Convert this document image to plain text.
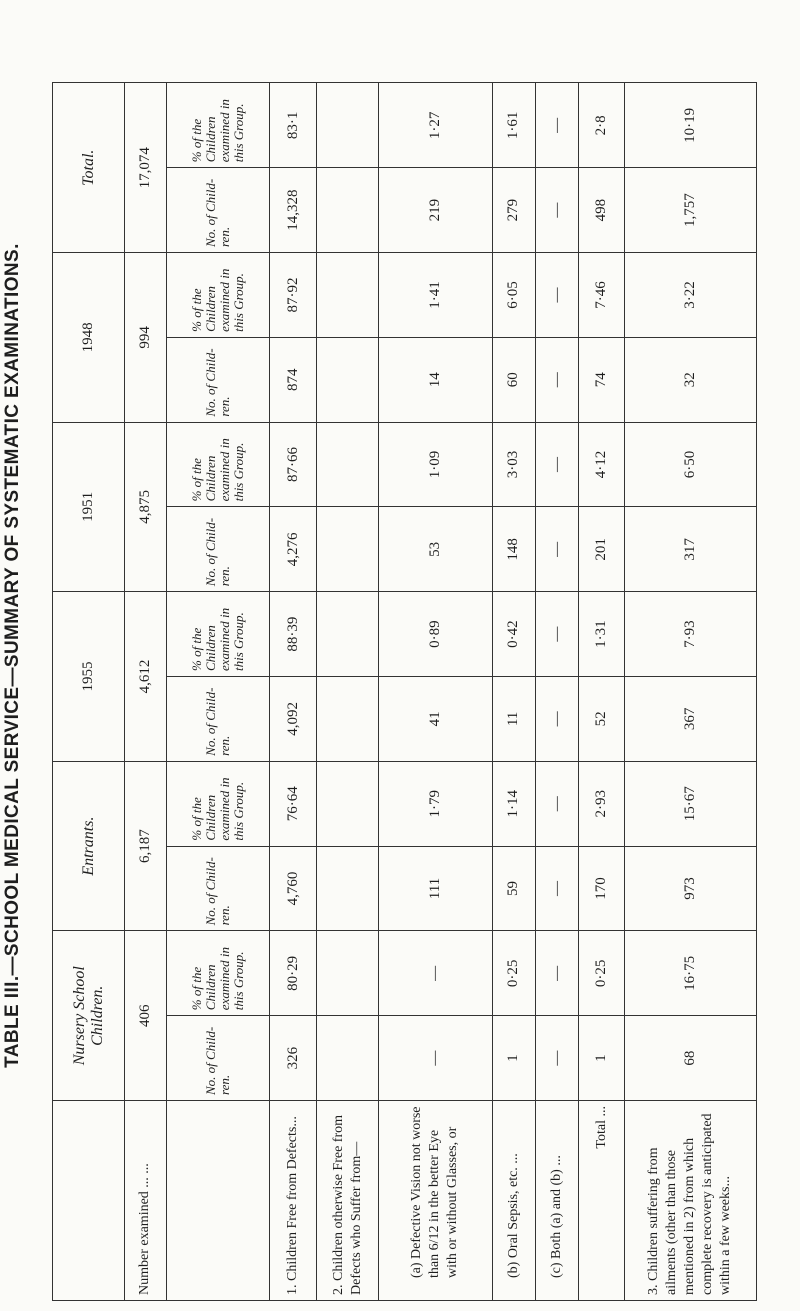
TABLE III.—SCHOOL MEDICAL SERVICE—SUMMARY OF SYSTEMATIC EXAMINATIONS.
		Nursery School Children.		Entrants.		1955		1951		1948		Total.	
Number examined ... ...	406		6,187		4,612		4,875		994		17,074	
	No. of Child- ren.	% of the Children examined in this Group.	No. of Child- ren.	% of the Children examined in this Group.	No. of Child- ren.	% of the Children examined in this Group.	No. of Child- ren.	% of the Children examined in this Group.	No. of Child- ren.	% of the Children examined in this Group.	No. of Child- ren.	% of the Children examined in this Group.
1. Children Free from Defects...	326	80·29	4,760	76·64	4,092	88·39	4,276	87·66	874	87·92	14,328	83·1
2. Children otherwise Free from Defects who Suffer from—												
(a) Defective Vision not worse than 6/12 in the better Eye with or without Glasses, or	—	—	111	1·79	41	0·89	53	1·09	14	1·41	219	1·27
(b) Oral Sepsis, etc. ...	1	0·25	59	1·14	11	0·42	148	3·03	60	6·05	279	1·61
(c) Both (a) and (b) ...	—	—	—	—	—	—	—	—	—	—	—	—
Total ...	1	0·25	170	2·93	52	1·31	201	4·12	74	7·46	498	2·8
3. Children suffering from ailments (other than those mentioned in 2) from which complete recovery is anticipated within a few weeks...	68	16·75	973	15·67	367	7·93	317	6·50	32	3·22	1,757	10·19
